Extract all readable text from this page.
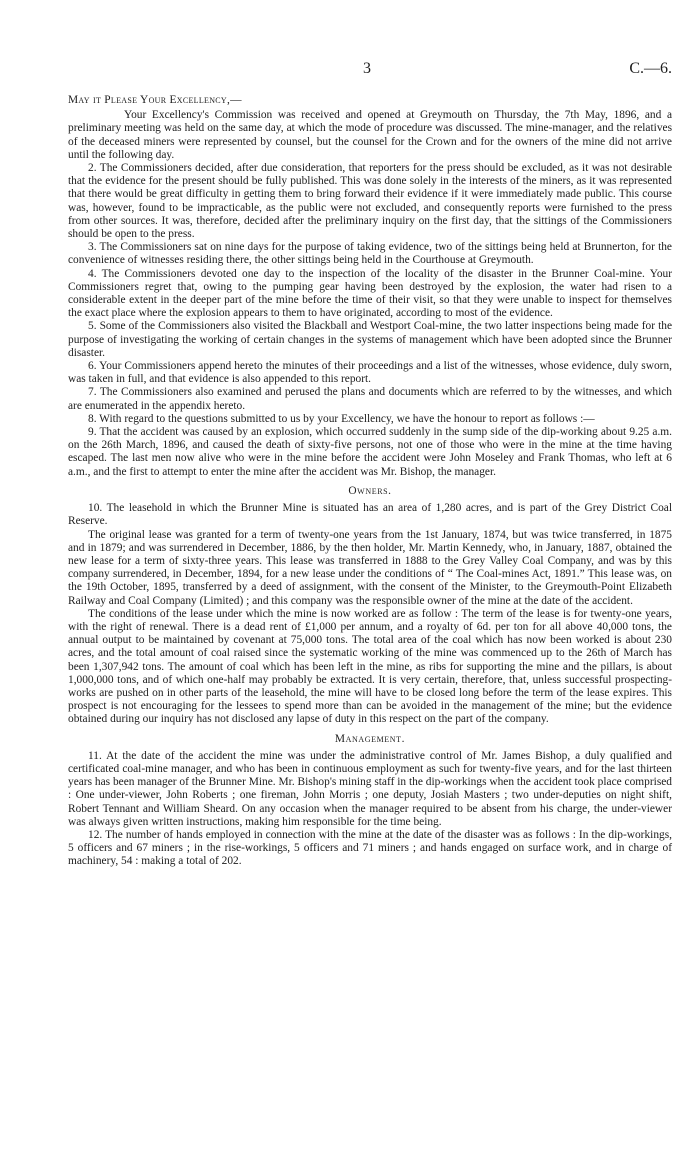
3	C.—6.
May it Please Your Excellency,—

Your Excellency's Commission was received and opened at Greymouth on Thursday, the 7th May, 1896, and a preliminary meeting was held on the same day, at which the mode of procedure was discussed. The mine-manager, and the relatives of the deceased miners were represented by counsel, but the counsel for the Crown and for the owners of the mine did not arrive until the following day.

2. The Commissioners decided, after due consideration, that reporters for the press should be excluded, as it was not desirable that the evidence for the present should be fully published. This was done solely in the interests of the miners, as it was represented that there would be great difficulty in getting them to bring forward their evidence if it were immediately made public. This course was, however, found to be impracticable, as the public were not excluded, and consequently reports were furnished to the press from other sources. It was, therefore, decided after the preliminary inquiry on the first day, that the sittings of the Commissioners should be open to the press.

3. The Commissioners sat on nine days for the purpose of taking evidence, two of the sittings being held at Brunnerton, for the convenience of witnesses residing there, the other sittings being held in the Courthouse at Greymouth.

4. The Commissioners devoted one day to the inspection of the locality of the disaster in the Brunner Coal-mine. Your Commissioners regret that, owing to the pumping gear having been destroyed by the explosion, the water had risen to a considerable extent in the deeper part of the mine before the time of their visit, so that they were unable to inspect for themselves the exact place where the explosion appears to them to have originated, according to most of the evidence.

5. Some of the Commissioners also visited the Blackball and Westport Coal-mine, the two latter inspections being made for the purpose of investigating the working of certain changes in the systems of management which have been adopted since the Brunner disaster.

6. Your Commissioners append hereto the minutes of their proceedings and a list of the witnesses, whose evidence, duly sworn, was taken in full, and that evidence is also appended to this report.

7. The Commissioners also examined and perused the plans and documents which are referred to by the witnesses, and which are enumerated in the appendix hereto.

8. With regard to the questions submitted to us by your Excellency, we have the honour to report as follows :—

9. That the accident was caused by an explosion, which occurred suddenly in the sump side of the dip-working about 9.25 a.m. on the 26th March, 1896, and caused the death of sixty-five persons, not one of those who were in the mine at the time having escaped. The last men now alive who were in the mine before the accident were John Moseley and Frank Thomas, who left at 6 a.m., and the first to attempt to enter the mine after the accident was Mr. Bishop, the manager.

Owners.

10. The leasehold in which the Brunner Mine is situated has an area of 1,280 acres, and is part of the Grey District Coal Reserve.

The original lease was granted for a term of twenty-one years from the 1st January, 1874, but was twice transferred, in 1875 and in 1879; and was surrendered in December, 1886, by the then holder, Mr. Martin Kennedy, who, in January, 1887, obtained the new lease for a term of sixty-three years. This lease was transferred in 1888 to the Grey Valley Coal Company, and was by this company surrendered, in December, 1894, for a new lease under the conditions of “ The Coal-mines Act, 1891.” This lease was, on the 19th October, 1895, transferred by a deed of assignment, with the consent of the Minister, to the Greymouth-Point Elizabeth Railway and Coal Company (Limited) ; and this company was the responsible owner of the mine at the date of the accident.

The conditions of the lease under which the mine is now worked are as follow : The term of the lease is for twenty-one years, with the right of renewal. There is a dead rent of £1,000 per annum, and a royalty of 6d. per ton for all above 40,000 tons, the annual output to be maintained by covenant at 75,000 tons. The total area of the coal which has now been worked is about 230 acres, and the total amount of coal raised since the systematic working of the mine was commenced up to the 26th of March has been 1,307,942 tons. The amount of coal which has been left in the mine, as ribs for supporting the mine and the pillars, is about 1,000,000 tons, and of which one-half may probably be extracted. It is very certain, therefore, that, unless successful prospecting-works are pushed on in other parts of the leasehold, the mine will have to be closed long before the term of the lease expires. This prospect is not encouraging for the lessees to spend more than can be avoided in the management of the mine; but the evidence obtained during our inquiry has not disclosed any lapse of duty in this respect on the part of the company.

Management.

11. At the date of the accident the mine was under the administrative control of Mr. James Bishop, a duly qualified and certificated coal-mine manager, and who has been in continuous employment as such for twenty-five years, and for the last thirteen years has been manager of the Brunner Mine. Mr. Bishop's mining staff in the dip-workings when the accident took place comprised : One under-viewer, John Roberts ; one fireman, John Morris ; one deputy, Josiah Masters ; two under-deputies on night shift, Robert Tennant and William Sheard. On any occasion when the manager required to be absent from his charge, the under-viewer was always given written instructions, making him responsible for the time being.

12. The number of hands employed in connection with the mine at the date of the disaster was as follows : In the dip-workings, 5 officers and 67 miners ; in the rise-workings, 5 officers and 71 miners ; and hands engaged on surface work, and in charge of machinery, 54 : making a total of 202.
